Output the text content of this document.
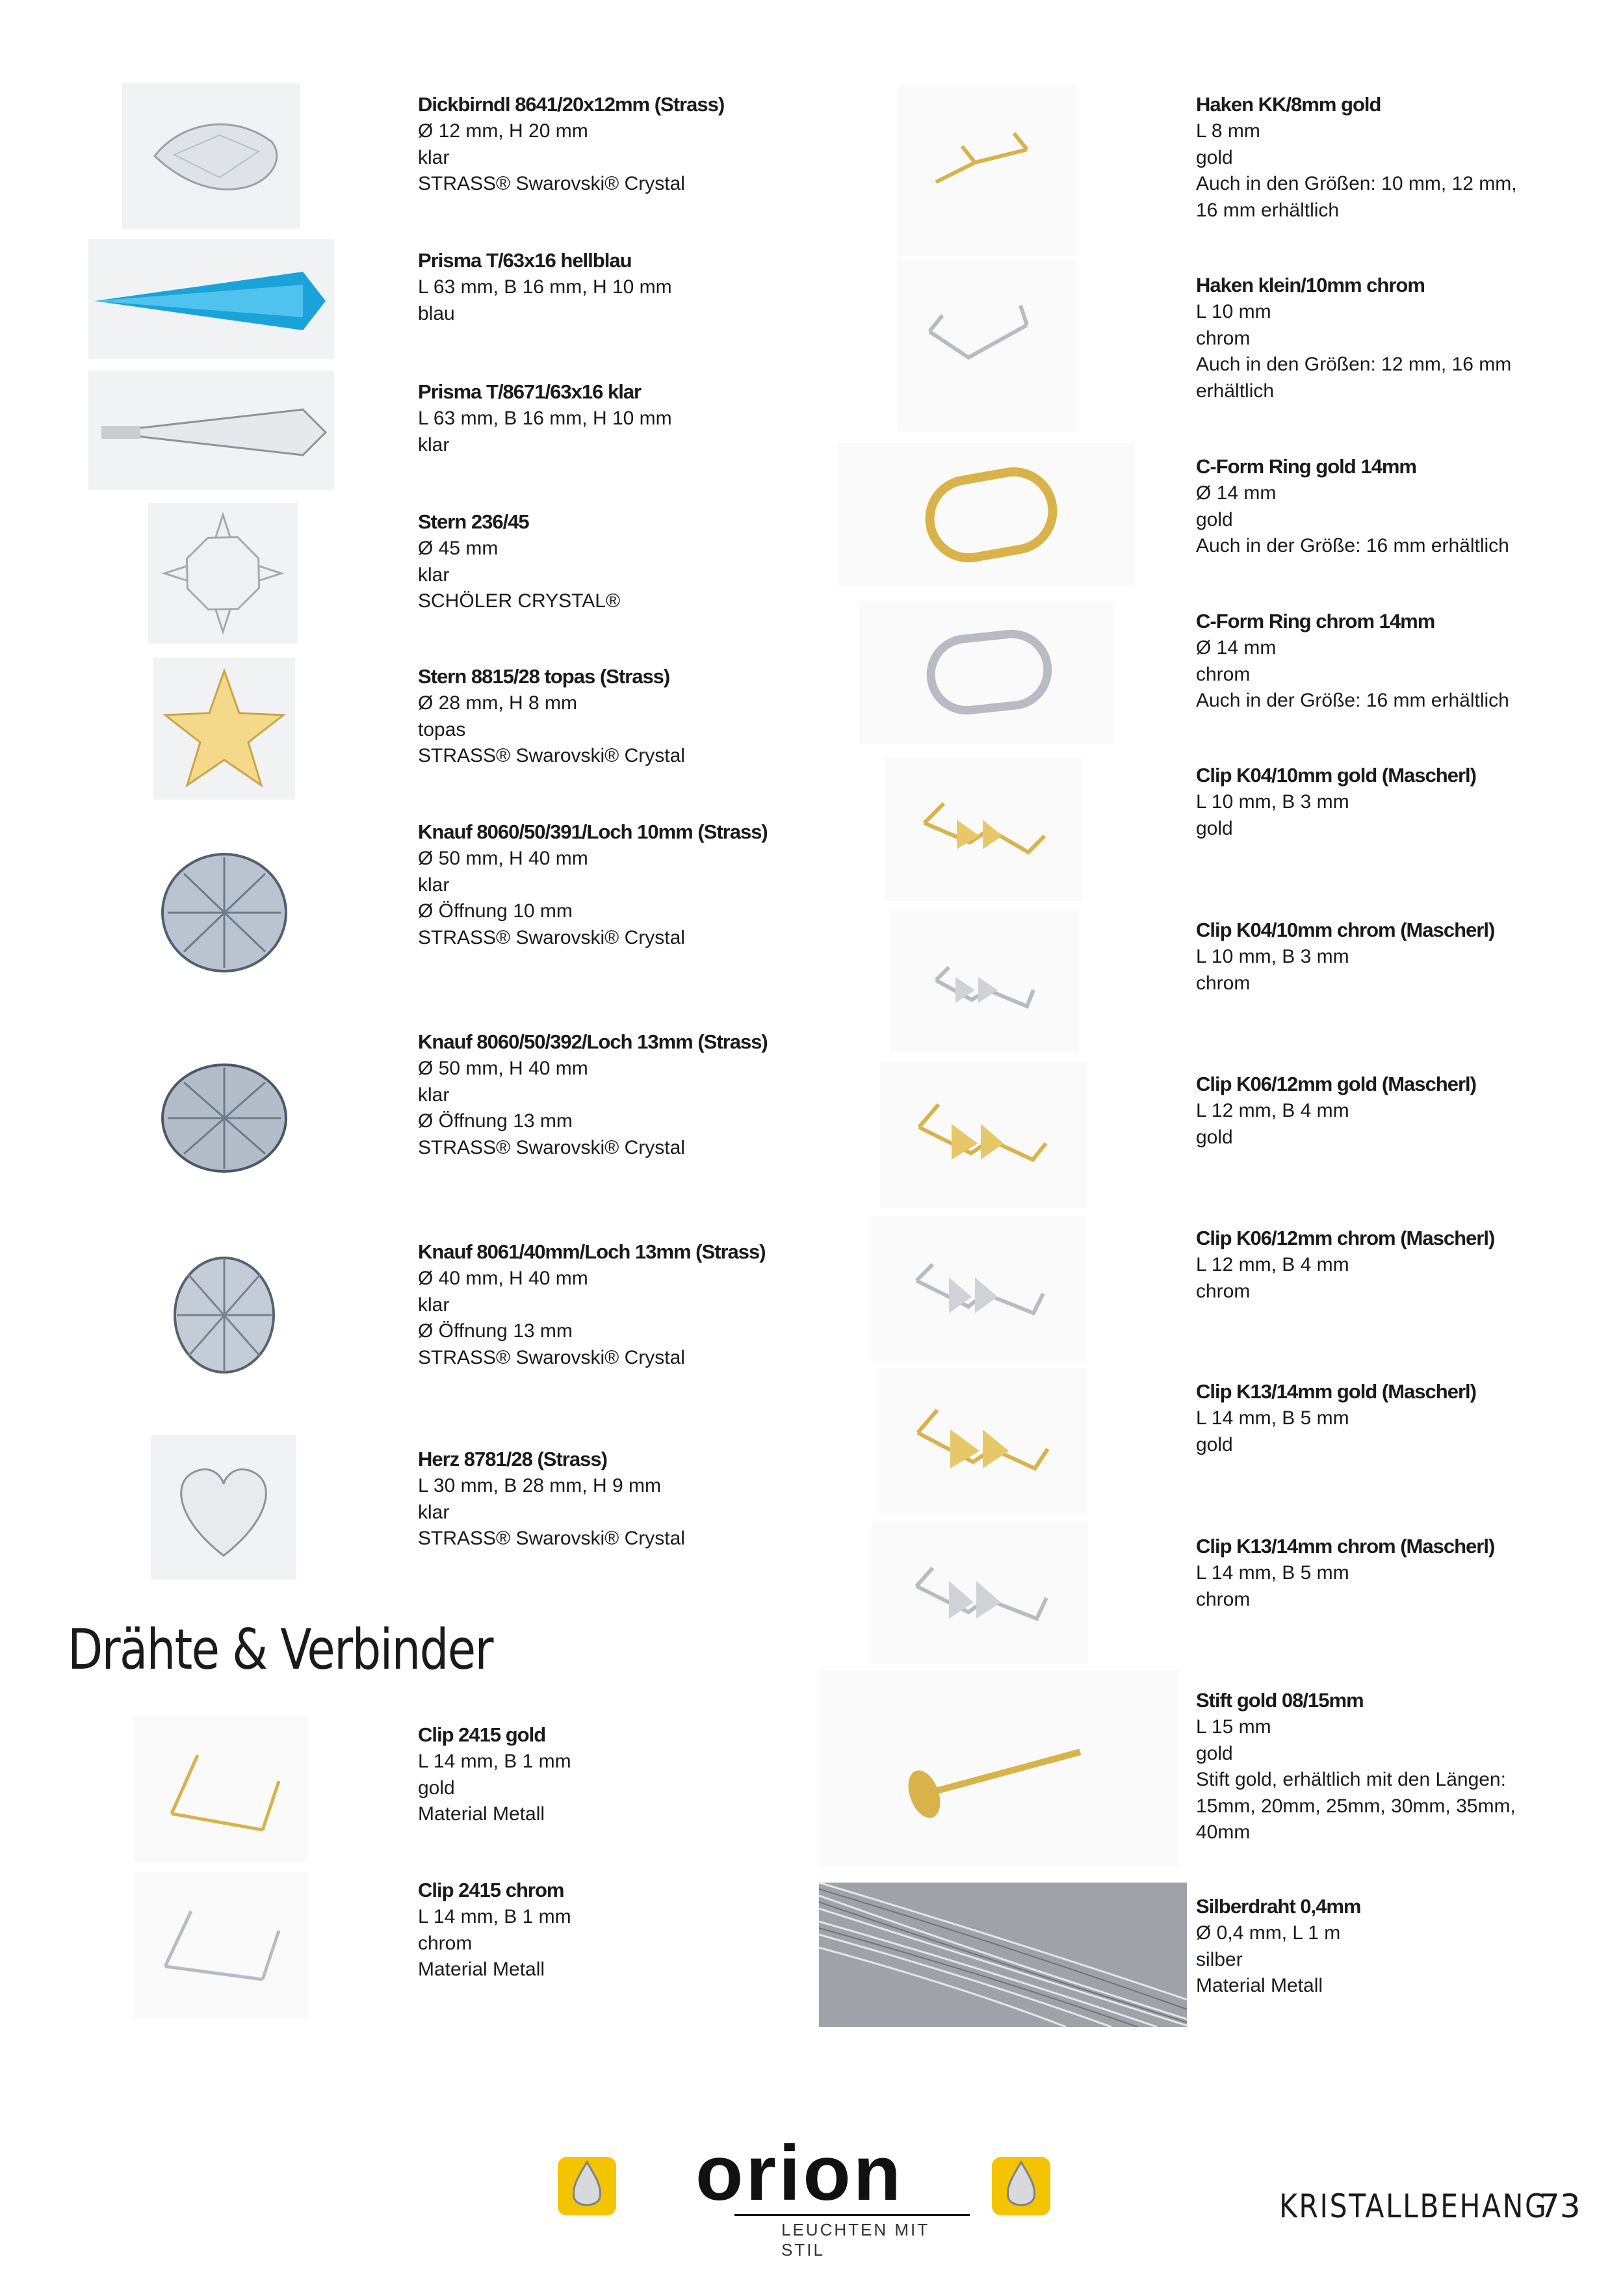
Dickbirndl 8641/20x12mm (Strass)
Ø 12 mm, H 20 mm
klar
STRASS® Swarovski® Crystal
Prisma T/63x16 hellblau
L 63 mm, B 16 mm, H 10 mm
blau
Prisma T/8671/63x16 klar
L 63 mm, B 16 mm, H 10 mm
klar
Stern 236/45
Ø 45 mm
klar
SCHÖLER CRYSTAL®
Stern 8815/28 topas (Strass)
Ø 28 mm, H 8 mm
topas
STRASS® Swarovski® Crystal
Knauf 8060/50/391/Loch 10mm (Strass)
Ø 50 mm, H 40 mm
klar
Ø Öffnung 10 mm
STRASS® Swarovski® Crystal
Knauf 8060/50/392/Loch 13mm (Strass)
Ø 50 mm, H 40 mm
klar
Ø Öffnung 13 mm
STRASS® Swarovski® Crystal
Knauf 8061/40mm/Loch 13mm (Strass)
Ø 40 mm, H 40 mm
klar
Ø Öffnung 13 mm
STRASS® Swarovski® Crystal
Herz 8781/28 (Strass)
L 30 mm, B 28 mm, H 9 mm
klar
STRASS® Swarovski® Crystal
Drähte & Verbinder
Clip 2415 gold
L 14 mm, B 1 mm
gold
Material Metall
Clip 2415 chrom
L 14 mm, B 1 mm
chrom
Material Metall
Haken KK/8mm gold
L 8 mm
gold
Auch in den Größen: 10 mm, 12 mm,
16 mm erhältlich
Haken klein/10mm chrom
L 10 mm
chrom
Auch in den Größen: 12 mm, 16 mm
erhältlich
C-Form Ring gold 14mm
Ø 14 mm
gold
Auch in der Größe: 16 mm erhältlich
C-Form Ring chrom 14mm
Ø 14 mm
chrom
Auch in der Größe: 16 mm erhältlich
Clip K04/10mm gold (Mascherl)
L 10 mm, B 3 mm
gold
Clip K04/10mm chrom (Mascherl)
L 10 mm, B 3 mm
chrom
Clip K06/12mm gold (Mascherl)
L 12 mm, B 4 mm
gold
Clip K06/12mm chrom (Mascherl)
L 12 mm, B 4 mm
chrom
Clip K13/14mm gold (Mascherl)
L 14 mm, B 5 mm
gold
Clip K13/14mm chrom (Mascherl)
L 14 mm, B 5 mm
chrom
Stift gold 08/15mm
L 15 mm
gold
Stift gold, erhältlich mit den Längen:
15mm, 20mm, 25mm, 30mm, 35mm,
40mm
Silberdraht 0,4mm
Ø 0,4 mm, L 1 m
silber
Material Metall
orion
LEUCHTEN MIT STIL
KRISTALLBEHANG
73
